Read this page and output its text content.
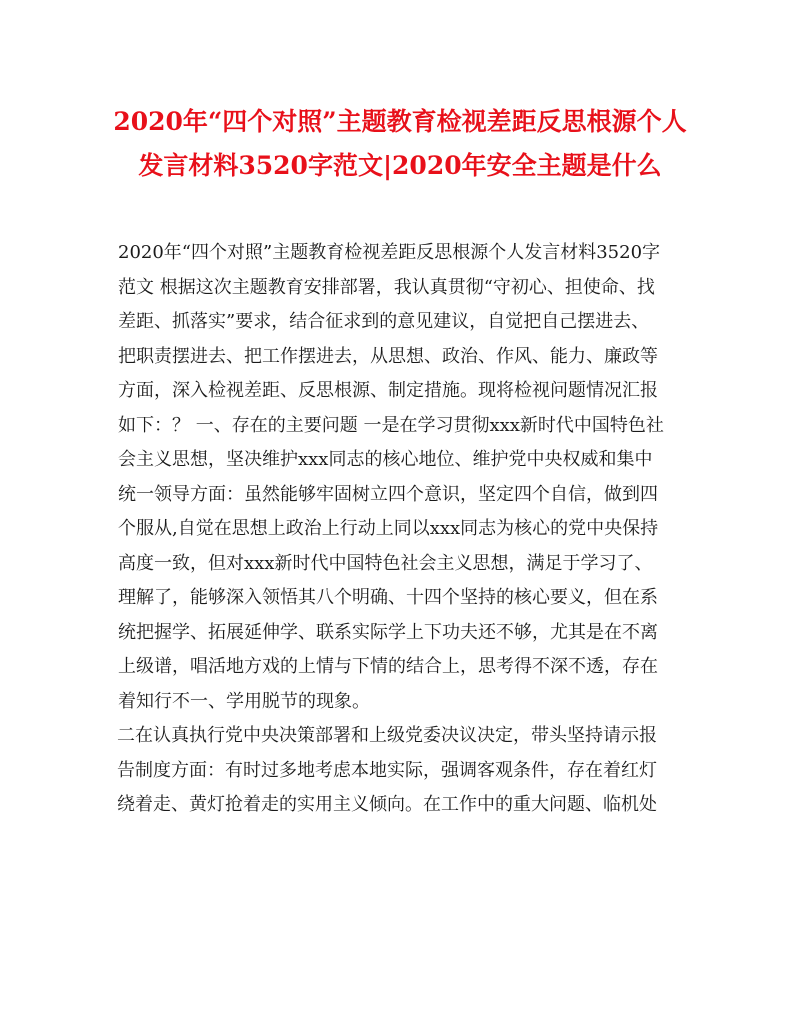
2020年“四个对照”主题教育检视差距反思根源个人
发言材料3520字范文|2020年安全主题是什么
2020年“四个对照”主题教育检视差距反思根源个人发言材料3520字
范文 根据这次主题教育安排部署，我认真贯彻“守初心、担使命、找
差距、抓落实”要求，结合征求到的意见建议，自觉把自己摆进去、
把职责摆进去、把工作摆进去，从思想、政治、作风、能力、廉政等
方面，深入检视差距、反思根源、制定措施。现将检视问题情况汇报
如下：？ 一、存在的主要问题 一是在学习贯彻xxx新时代中国特色社
会主义思想，坚决维护xxx同志的核心地位、维护党中央权威和集中
统一领导方面：虽然能够牢固树立四个意识，坚定四个自信，做到四
个服从,自觉在思想上政治上行动上同以xxx同志为核心的党中央保持
高度一致，但对xxx新时代中国特色社会主义思想，满足于学习了、
理解了，能够深入领悟其八个明确、十四个坚持的核心要义，但在系
统把握学、拓展延伸学、联系实际学上下功夫还不够，尤其是在不离
上级谱，唱活地方戏的上情与下情的结合上，思考得不深不透，存在
着知行不一、学用脱节的现象。
二在认真执行党中央决策部署和上级党委决议决定，带头坚持请示报
告制度方面：有时过多地考虑本地实际，强调客观条件，存在着红灯
绕着走、黄灯抢着走的实用主义倾向。在工作中的重大问题、临机处
